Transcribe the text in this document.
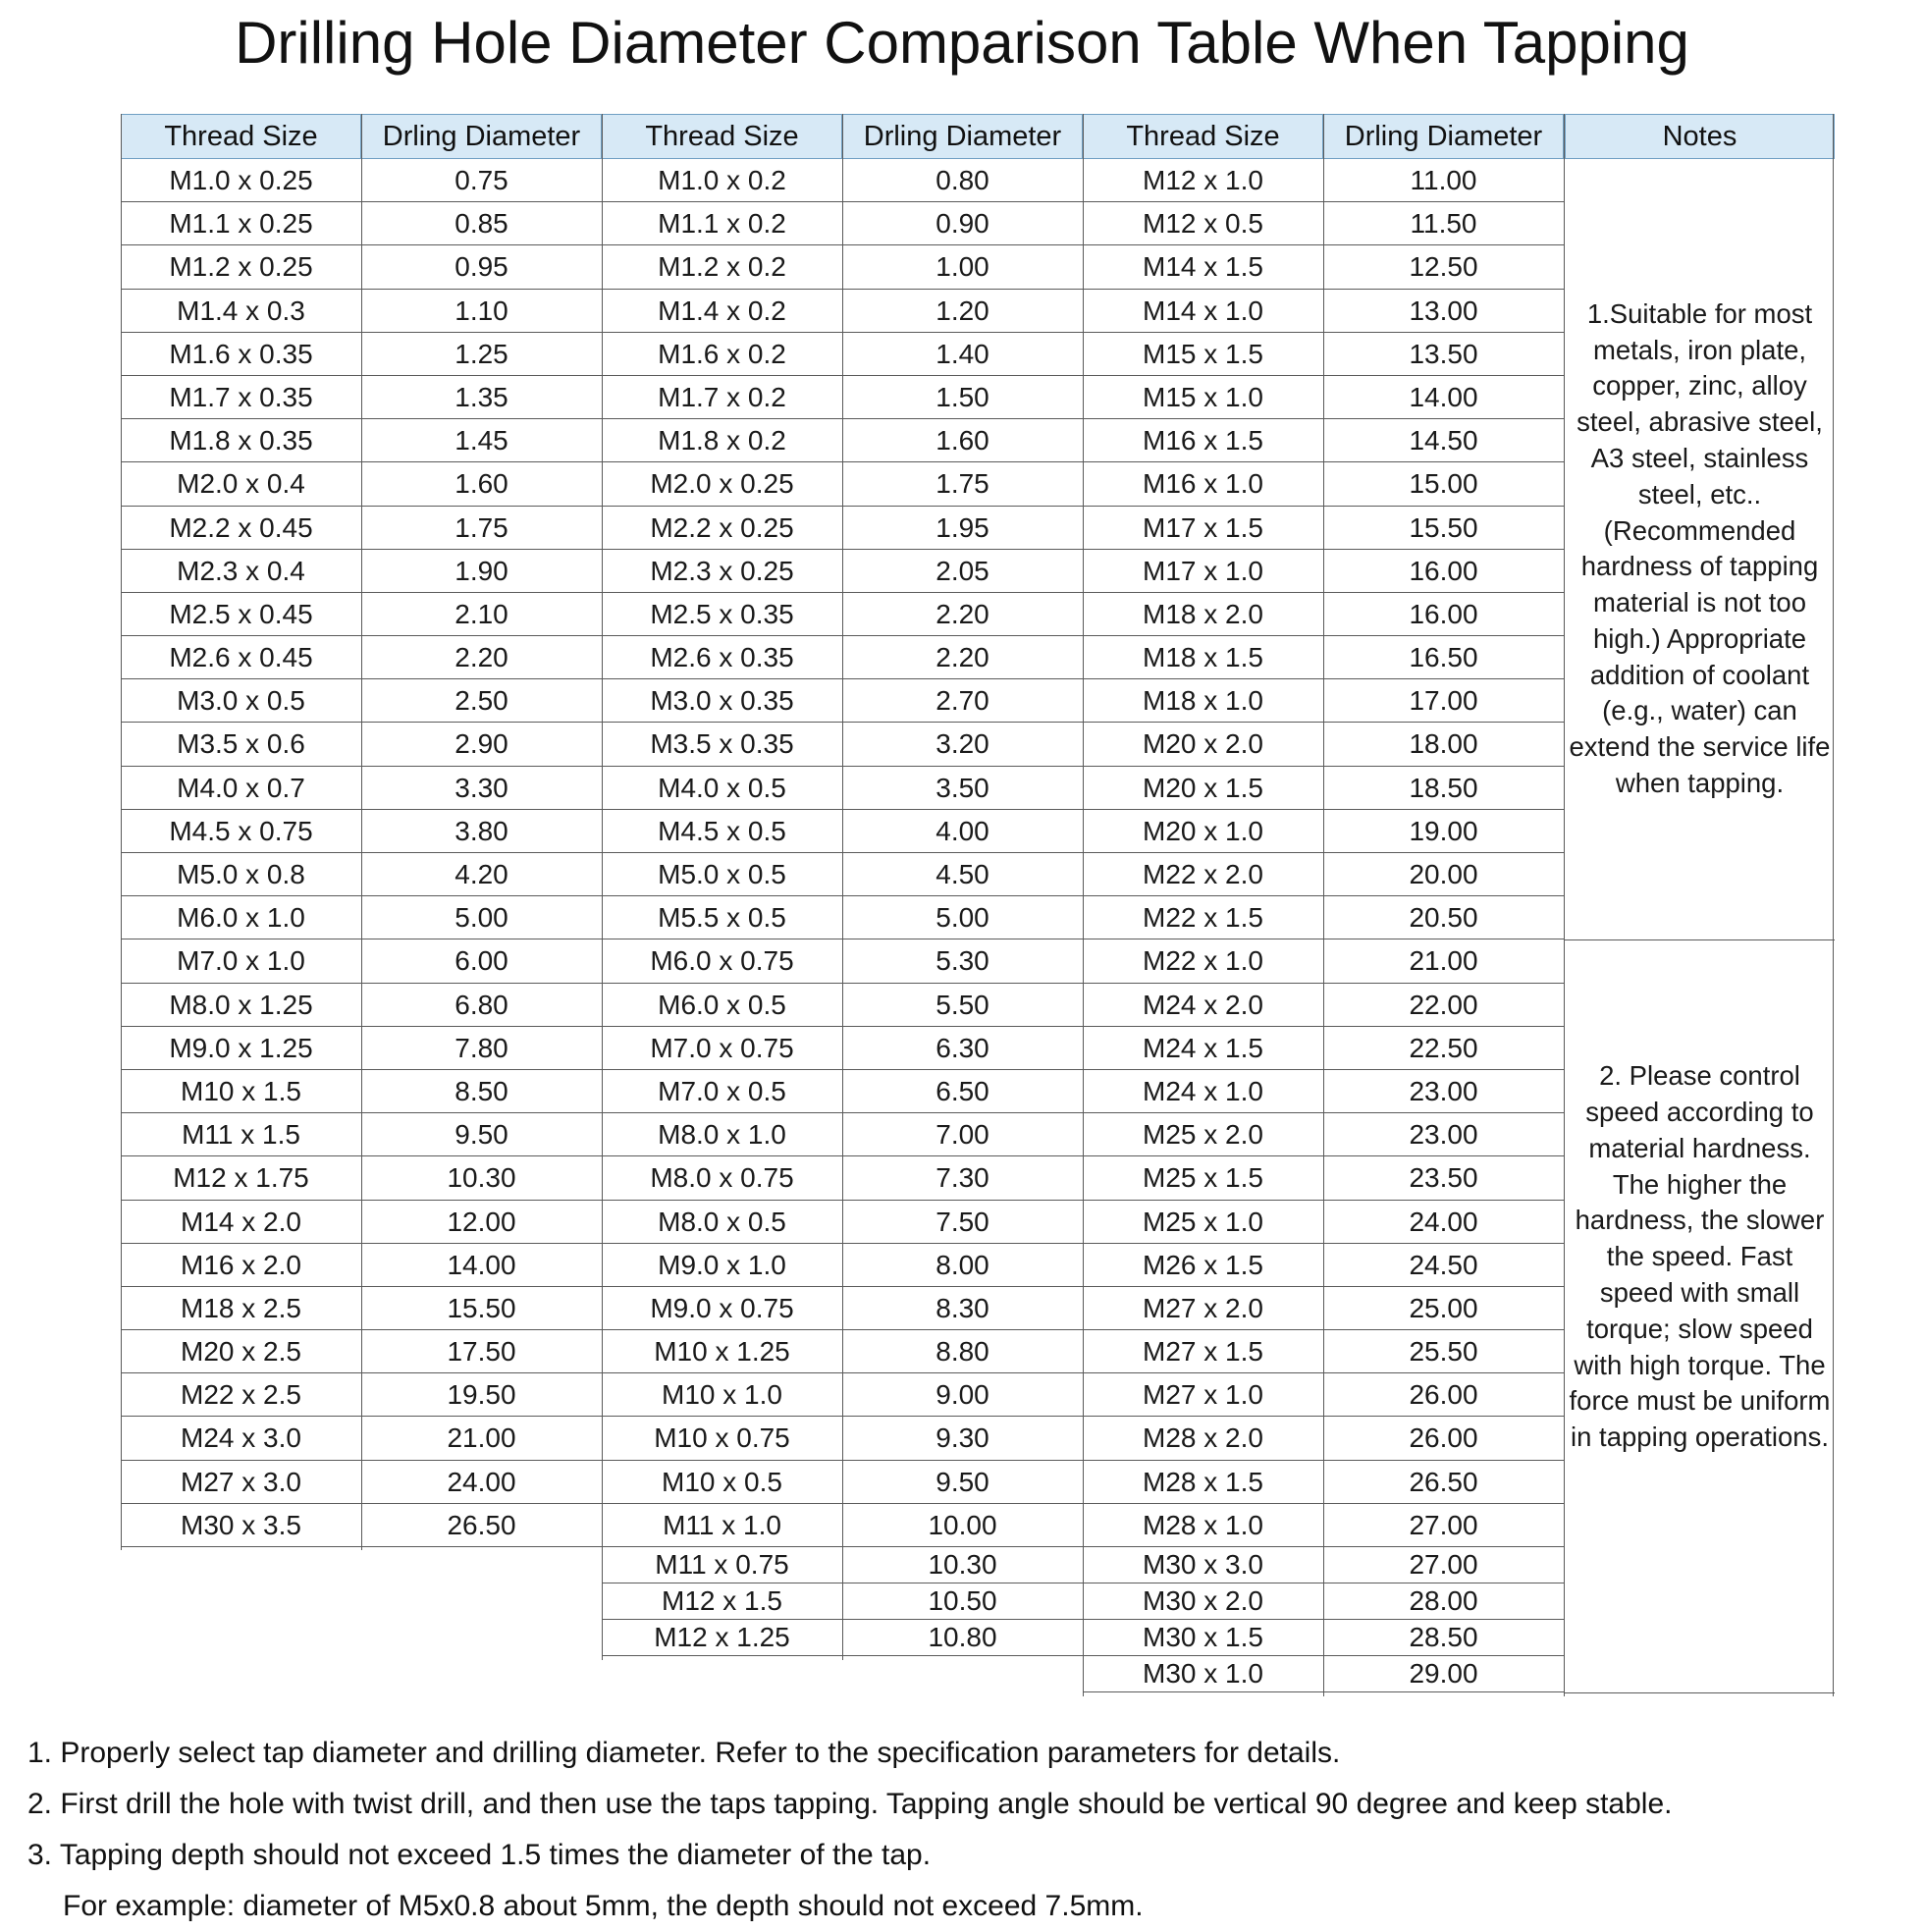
Drilling Hole Diameter Comparison Table When Tapping
Thread Size
M1.0 x 0.25
M1.1 x 0.25
M1.2 x 0.25
M1.4 x 0.3
M1.6 x 0.35
M1.7 x 0.35
M1.8 x 0.35
M2.0 x 0.4
M2.2 x 0.45
M2.3 x 0.4
M2.5 x 0.45
M2.6 x 0.45
M3.0 x 0.5
M3.5 x 0.6
M4.0 x 0.7
M4.5 x 0.75
M5.0 x 0.8
M6.0 x 1.0
M7.0 x 1.0
M8.0 x 1.25
M9.0 x 1.25
M10 x 1.5
M11 x 1.5
M12 x 1.75
M14 x 2.0
M16 x 2.0
M18 x 2.5
M20 x 2.5
M22 x 2.5
M24 x 3.0
M27 x 3.0
M30 x 3.5
Drling Diameter
0.75
0.85
0.95
1.10
1.25
1.35
1.45
1.60
1.75
1.90
2.10
2.20
2.50
2.90
3.30
3.80
4.20
5.00
6.00
6.80
7.80
8.50
9.50
10.30
12.00
14.00
15.50
17.50
19.50
21.00
24.00
26.50
Thread Size
M1.0 x 0.2
M1.1 x 0.2
M1.2 x 0.2
M1.4 x 0.2
M1.6 x 0.2
M1.7 x 0.2
M1.8 x 0.2
M2.0 x 0.25
M2.2 x 0.25
M2.3 x 0.25
M2.5 x 0.35
M2.6 x 0.35
M3.0 x 0.35
M3.5 x 0.35
M4.0 x 0.5
M4.5 x 0.5
M5.0 x 0.5
M5.5 x 0.5
M6.0 x 0.75
M6.0 x 0.5
M7.0 x 0.75
M7.0 x 0.5
M8.0 x 1.0
M8.0 x 0.75
M8.0 x 0.5
M9.0 x 1.0
M9.0 x 0.75
M10 x 1.25
M10 x 1.0
M10 x 0.75
M10 x 0.5
M11 x 1.0
M11 x 0.75
M12 x 1.5
M12 x 1.25
Drling Diameter
0.80
0.90
1.00
1.20
1.40
1.50
1.60
1.75
1.95
2.05
2.20
2.20
2.70
3.20
3.50
4.00
4.50
5.00
5.30
5.50
6.30
6.50
7.00
7.30
7.50
8.00
8.30
8.80
9.00
9.30
9.50
10.00
10.30
10.50
10.80
Thread Size
M12 x 1.0
M12 x 0.5
M14 x 1.5
M14 x 1.0
M15 x 1.5
M15 x 1.0
M16 x 1.5
M16 x 1.0
M17 x 1.5
M17 x 1.0
M18 x 2.0
M18 x 1.5
M18 x 1.0
M20 x 2.0
M20 x 1.5
M20 x 1.0
M22 x 2.0
M22 x 1.5
M22 x 1.0
M24 x 2.0
M24 x 1.5
M24 x 1.0
M25 x 2.0
M25 x 1.5
M25 x 1.0
M26 x 1.5
M27 x 2.0
M27 x 1.5
M27 x 1.0
M28 x 2.0
M28 x 1.5
M28 x 1.0
M30 x 3.0
M30 x 2.0
M30 x 1.5
M30 x 1.0
Drling Diameter
11.00
11.50
12.50
13.00
13.50
14.00
14.50
15.00
15.50
16.00
16.00
16.50
17.00
18.00
18.50
19.00
20.00
20.50
21.00
22.00
22.50
23.00
23.00
23.50
24.00
24.50
25.00
25.50
26.00
26.00
26.50
27.00
27.00
28.00
28.50
29.00
Notes
1.Suitable for most metals, iron plate, copper, zinc, alloy steel, abrasive steel, A3 steel, stainless steel, etc..(Recommended hardness of tapping material is not too high.) Appropriate addition of coolant (e.g., water) can extend the service life when tapping.
2. Please control speed according to material hardness. The higher the hardness, the slower the speed. Fast speed with small torque; slow speed with high torque. The force must be uniform in tapping operations.
1. Properly select tap diameter and drilling diameter. Refer to the specification parameters for details.
2. First drill the hole with twist drill, and then use the taps tapping. Tapping angle should be vertical 90 degree and keep stable.
3. Tapping depth should not exceed 1.5 times the diameter of the tap.
For example: diameter of M5x0.8 about 5mm, the depth should not exceed 7.5mm.
